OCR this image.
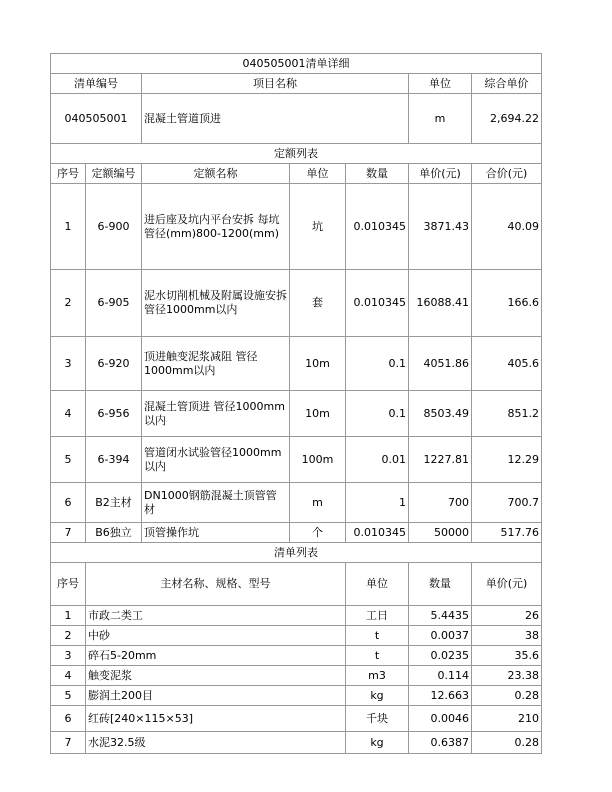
040505001清单详细							
清单编号		项目名称			单位	综合单价	
040505001		混凝土管道顶进			m	2,694.22	
定额列表							
序号	定额编号	定额名称	单位	数量	单价(元)	合价(元)	
1	6-900	进后座及坑内平台安拆 每坑 管径(mm)800-1200(mm)	坑	0.010345	3871.43	40.09	
2	6-905	泥水切削机械及附属设施安拆 管径1000mm以内	套	0.010345	16088.41	166.6	
3	6-920	顶进触变泥浆减阻 管径1000mm以内	10m	0.1	4051.86	405.6	
4	6-956	混凝土管顶进 管径1000mm以内	10m	0.1	8503.49	851.2	
5	6-394	管道闭水试验管径1000mm以内	100m	0.01	1227.81	12.29	
6	B2主材	DN1000钢筋混凝土顶管管材	m	1	700	700.7	
7	B6独立	顶管操作坑	个	0.010345	50000	517.76	
清单列表							
序号	主材名称、规格、型号			单位	数量	单价(元)	
1	市政二类工			工日	5.4435	26	
2	中砂			t	0.0037	38	
3	碎石5-20mm			t	0.0235	35.6	
4	触变泥浆			m3	0.114	23.38	
5	膨润土200目			kg	12.663	0.28	
6	红砖[240×115×53]			千块	0.0046	210	
7	水泥32.5级			kg	0.6387	0.28	
